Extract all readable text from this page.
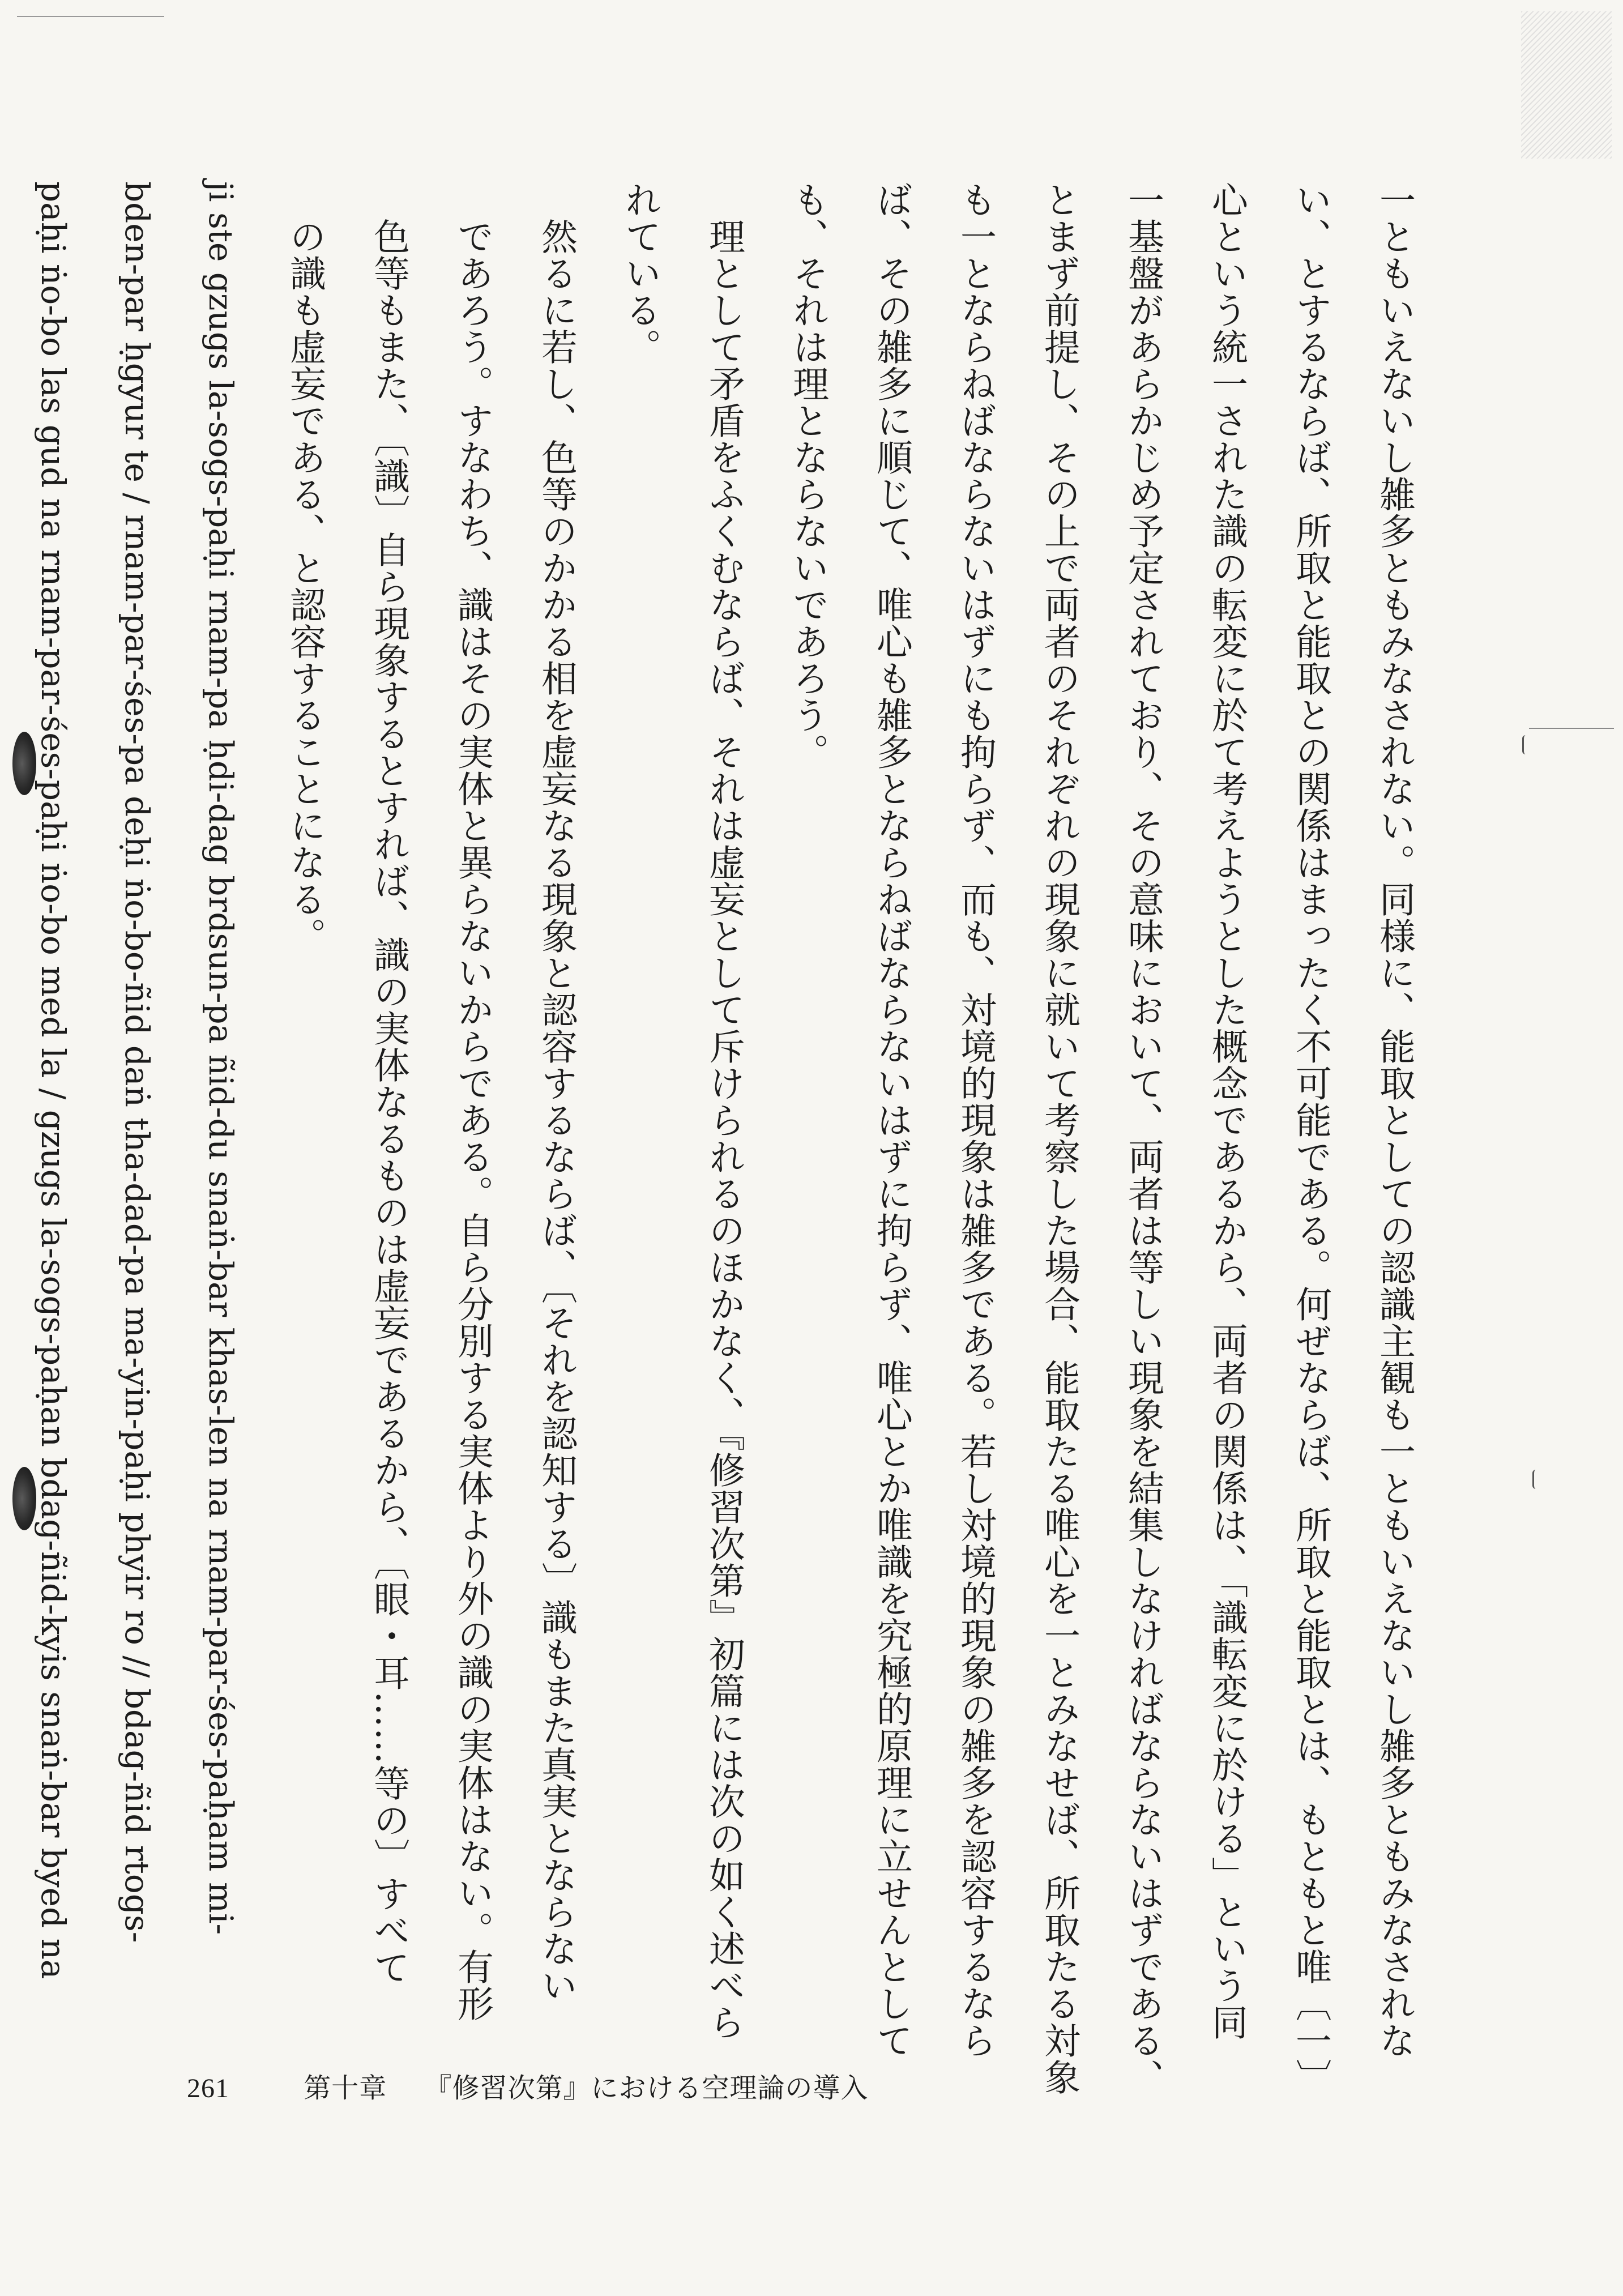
一ともいえないし雑多ともみなされない。同様に、能取としての認識主観も一ともいえないし雑多ともみなされな
い、とするならば、所取と能取との関係はまったく不可能である。何ぜならば、所取と能取とは、もともと唯〔一〕
心という統一された識の転変に於て考えようとした概念であるから、両者の関係は、「識転変に於ける」という同
一基盤があらかじめ予定されており、その意味において、両者は等しい現象を結集しなければならないはずである、
とまず前提し、その上で両者のそれぞれの現象に就いて考察した場合、能取たる唯心を一とみなせば、所取たる対象
も一とならねばならないはずにも拘らず、而も、対境的現象は雑多である。若し対境的現象の雑多を認容するなら
ば、その雑多に順じて、唯心も雑多とならねばならないはずに拘らず、唯心とか唯識を究極的原理に立せんとして
も、それは理とならないであろう。
　理として矛盾をふくむならば、それは虚妄として斥けられるのほかなく、『修習次第』初篇には次の如く述べら
れている。
　然るに若し、色等のかかる相を虚妄なる現象と認容するならば、〔それを認知する〕識もまた真実とならない
　であろう。すなわち、識はその実体と異らないからである。自ら分別する実体より外の識の実体はない。有形
　色等もまた、〔識〕自ら現象するとすれば、識の実体なるものは虚妄であるから、〔眼・耳……等の〕すべて
　の識も虚妄である、と認容することになる。
ji ste gzugs la-sogs-paḥi rnam-pa ḥdi-dag brdsun-pa ñid-du snaṅ-bar khas-len na rnam-par-śes-paḥam mi-
bden-par ḥgyur te / rnam-par-śes-pa deḥi ṅo-bo-ñid daṅ tha-dad-pa ma-yin-paḥi phyir ro // bdag-ñid rtogs-
paḥi ṅo-bo las gud na rnam-par-śes-paḥi ṅo-bo med la / gzugs la-sogs-paḥan bdag-ñid-kyis snaṅ-bar byed na
261	第十章 『修習次第』における空理論の導入
